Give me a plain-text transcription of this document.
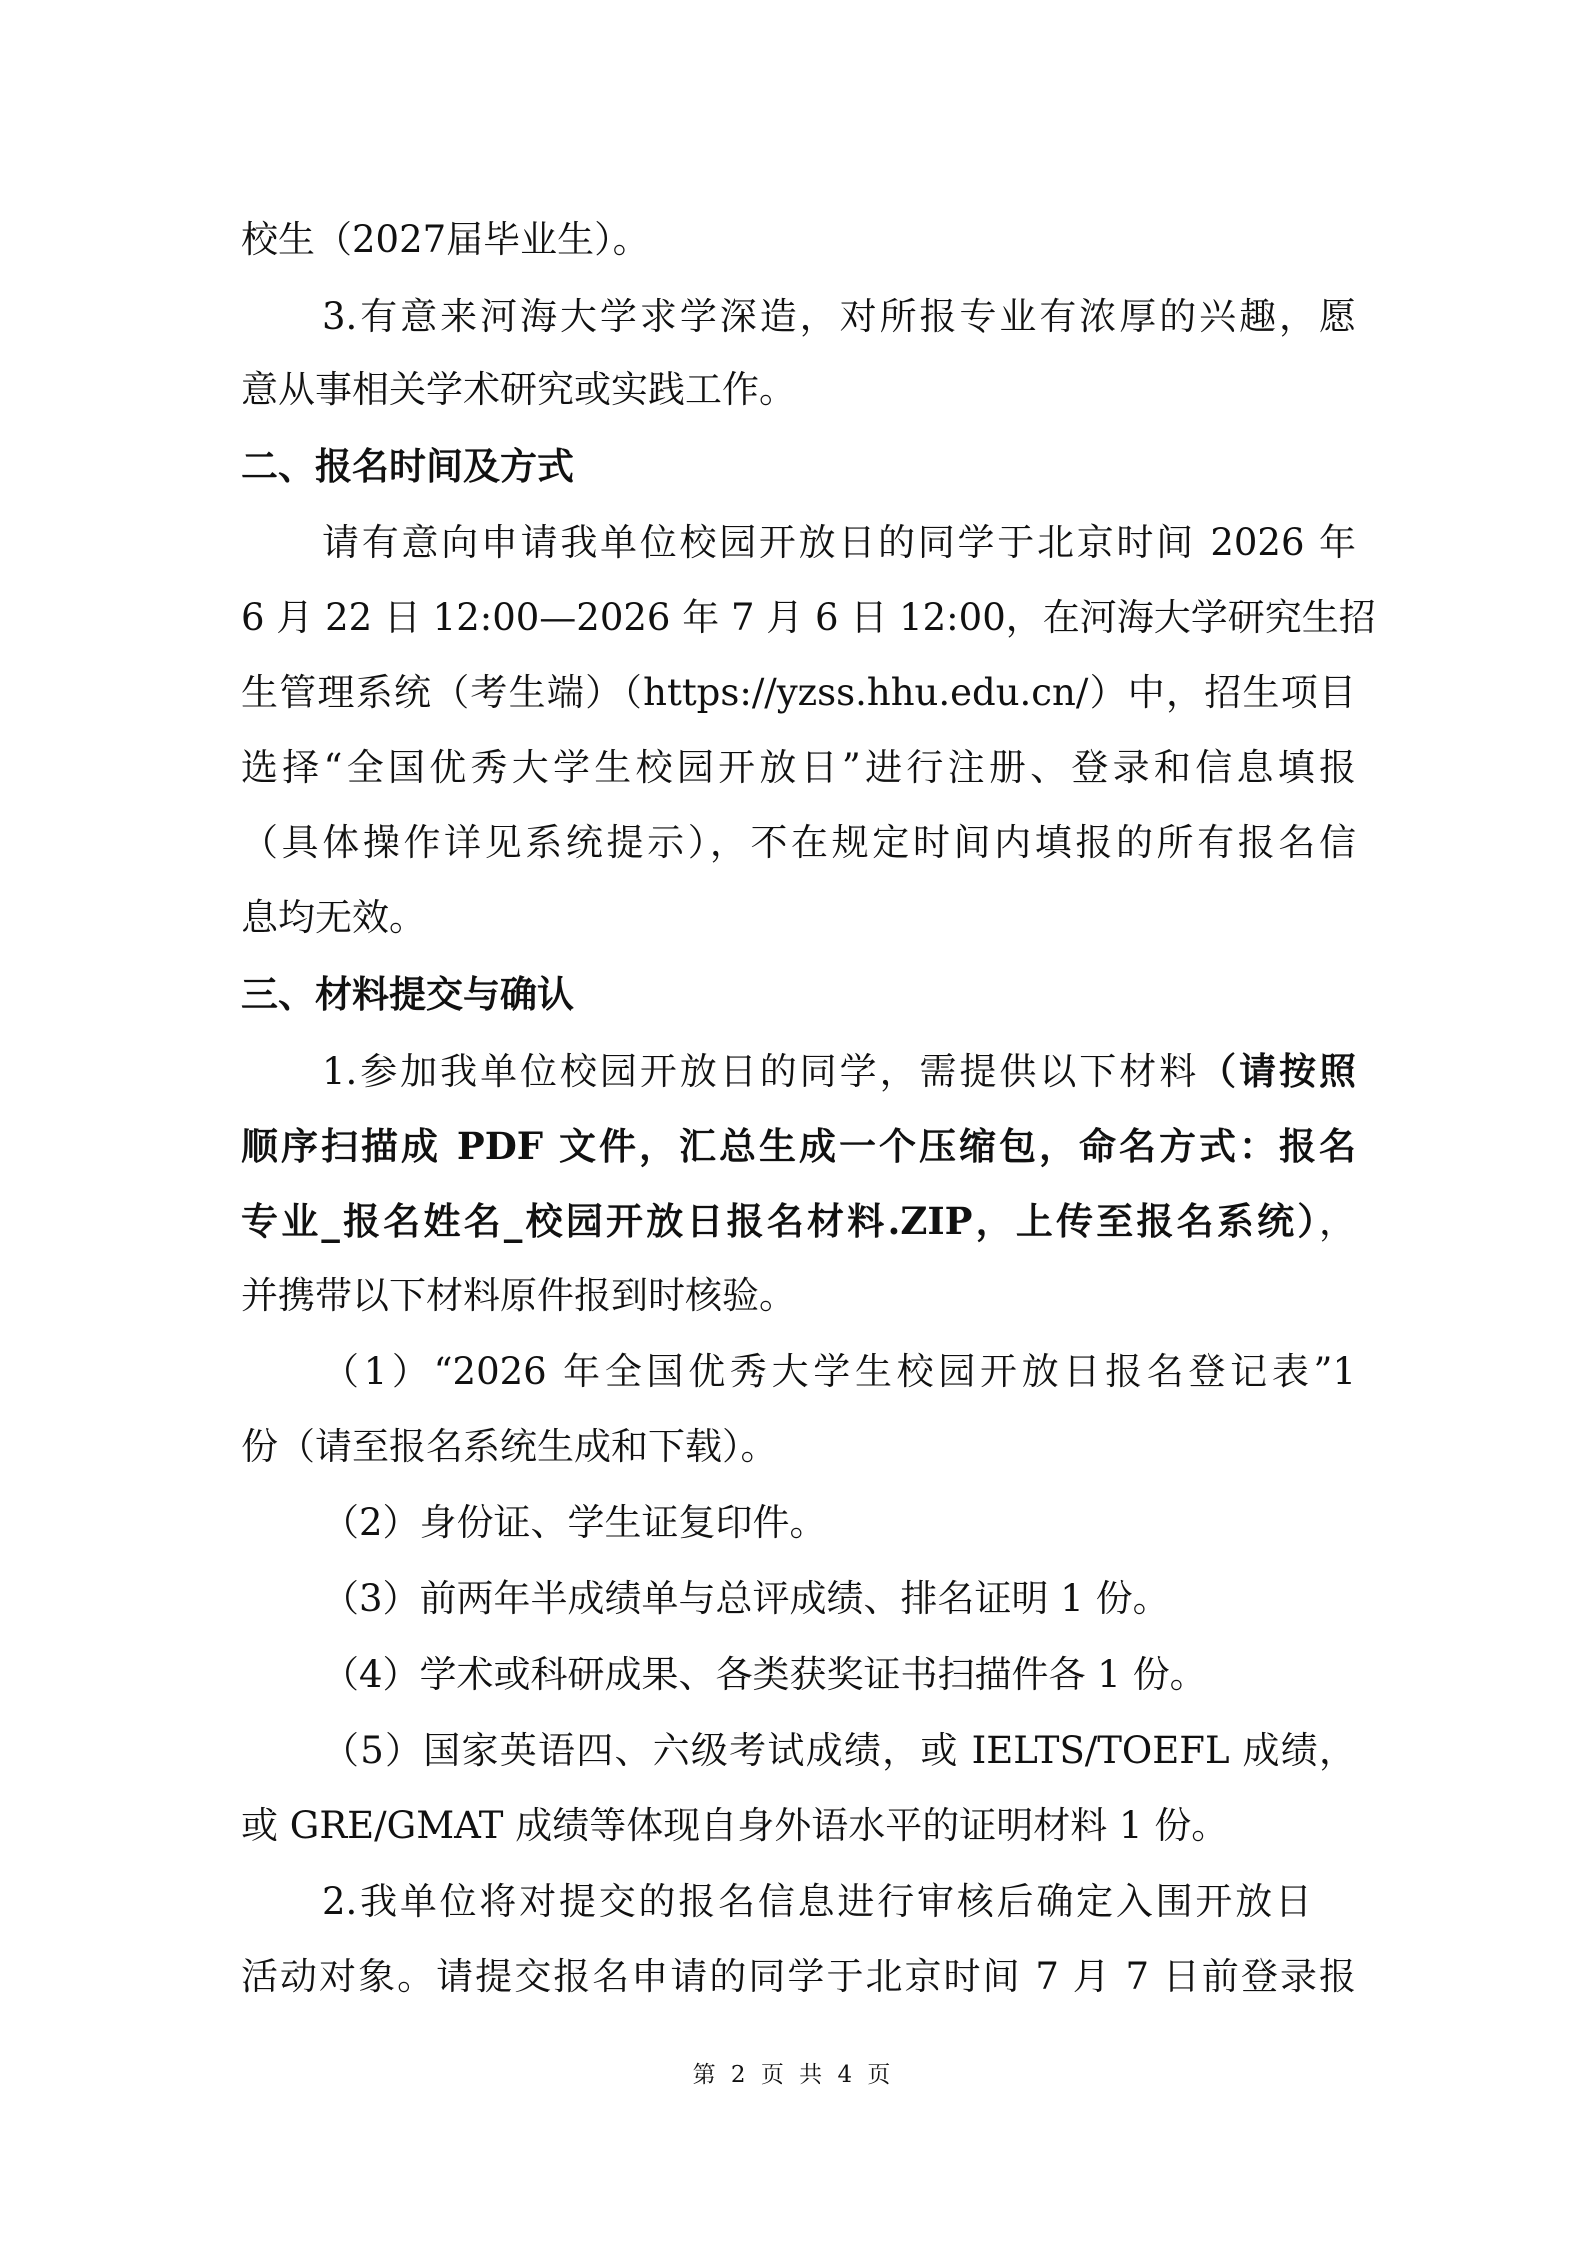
校生（2027届毕业生）。
3.有意来河海大学求学深造，对所报专业有浓厚的兴趣，愿
意从事相关学术研究或实践工作。
二、报名时间及方式
请有意向申请我单位校园开放日的同学于北京时间 2026 年
6 月 22 日 12:00—2026 年 7 月 6 日 12:00，在河海大学研究生招
生管理系统（考生端）（https://yzss.hhu.edu.cn/）中，招生项目
选择“全国优秀大学生校园开放日”进行注册、登录和信息填报
（具体操作详见系统提示），不在规定时间内填报的所有报名信
息均无效。
三、材料提交与确认
1.参加我单位校园开放日的同学，需提供以下材料（请按照
顺序扫描成 PDF 文件，汇总生成一个压缩包，命名方式：报名
专业_报名姓名_校园开放日报名材料.ZIP，上传至报名系统），
并携带以下材料原件报到时核验。
（1）“2026 年全国优秀大学生校园开放日报名登记表”1
份（请至报名系统生成和下载）。
（2）身份证、学生证复印件。
（3）前两年半成绩单与总评成绩、排名证明 1 份。
（4）学术或科研成果、各类获奖证书扫描件各 1 份。
（5）国家英语四、六级考试成绩，或 IELTS/TOEFL 成绩，
或 GRE/GMAT 成绩等体现自身外语水平的证明材料 1 份。
2.我单位将对提交的报名信息进行审核后确定入围开放日
活动对象。请提交报名申请的同学于北京时间 7 月 7 日前登录报
第 2 页 共 4 页
